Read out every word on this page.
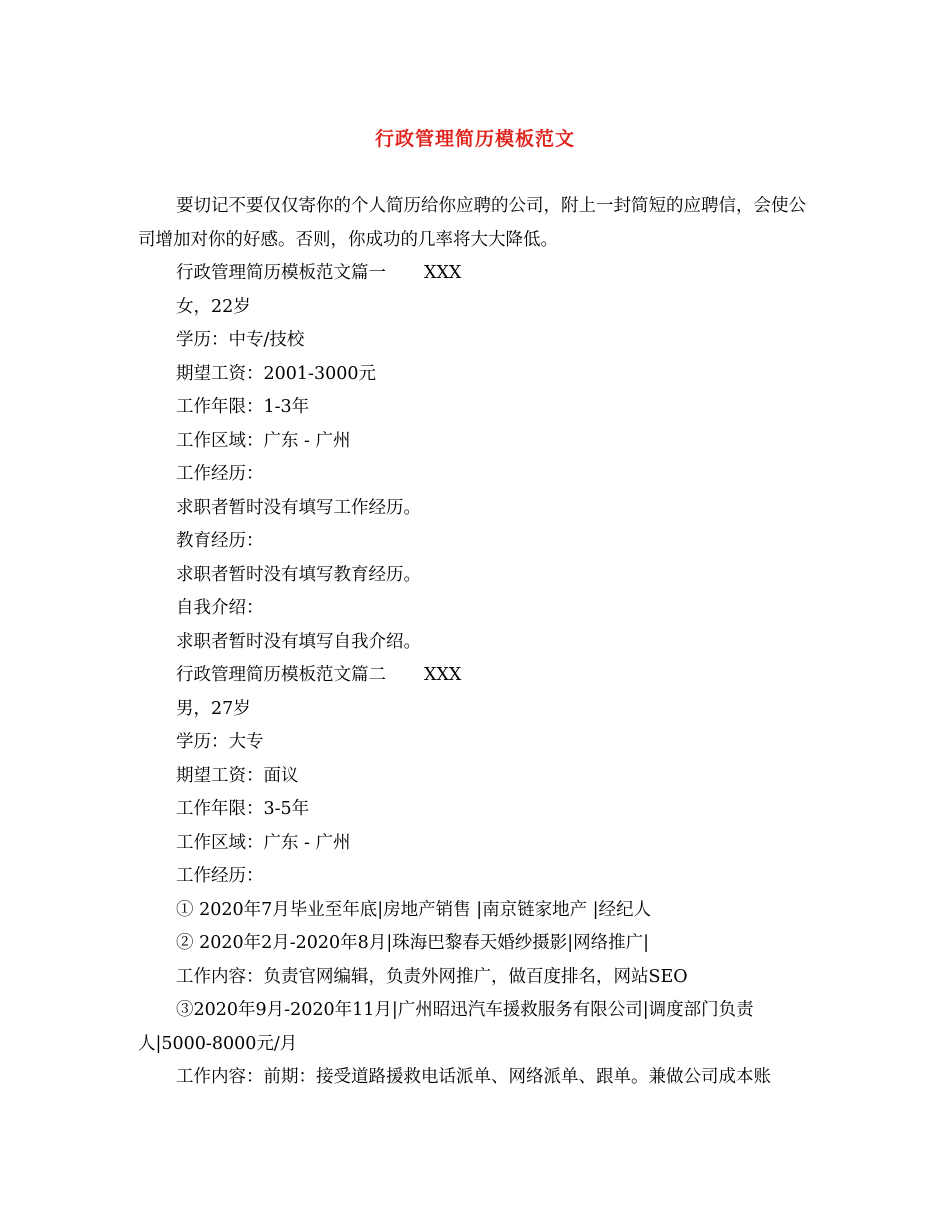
行政管理简历模板范文

要切记不要仅仅寄你的个人简历给你应聘的公司，附上一封简短的应聘信，会使公司增加对你的好感。否则，你成功的几率将大大降低。

行政管理简历模板范文篇一 XXX

女，22岁

学历：中专/技校

期望工资：2001-3000元

工作年限：1-3年

工作区域：广东 - 广州

工作经历：

求职者暂时没有填写工作经历。

教育经历：

求职者暂时没有填写教育经历。

自我介绍：

求职者暂时没有填写自我介绍。

行政管理简历模板范文篇二 XXX

男，27岁

学历：大专

期望工资：面议

工作年限：3-5年

工作区域：广东 - 广州

工作经历：

① 2020年7月毕业至年底|房地产销售 |南京链家地产 |经纪人

② 2020年2月-2020年8月|珠海巴黎春天婚纱摄影|网络推广|

工作内容：负责官网编辑，负责外网推广，做百度排名，网站SEO

③2020年9月-2020年11月|广州昭迅汽车援救服务有限公司|调度部门负责人|5000-8000元/月

工作内容：前期：接受道路援救电话派单、网络派单、跟单。兼做公司成本账
